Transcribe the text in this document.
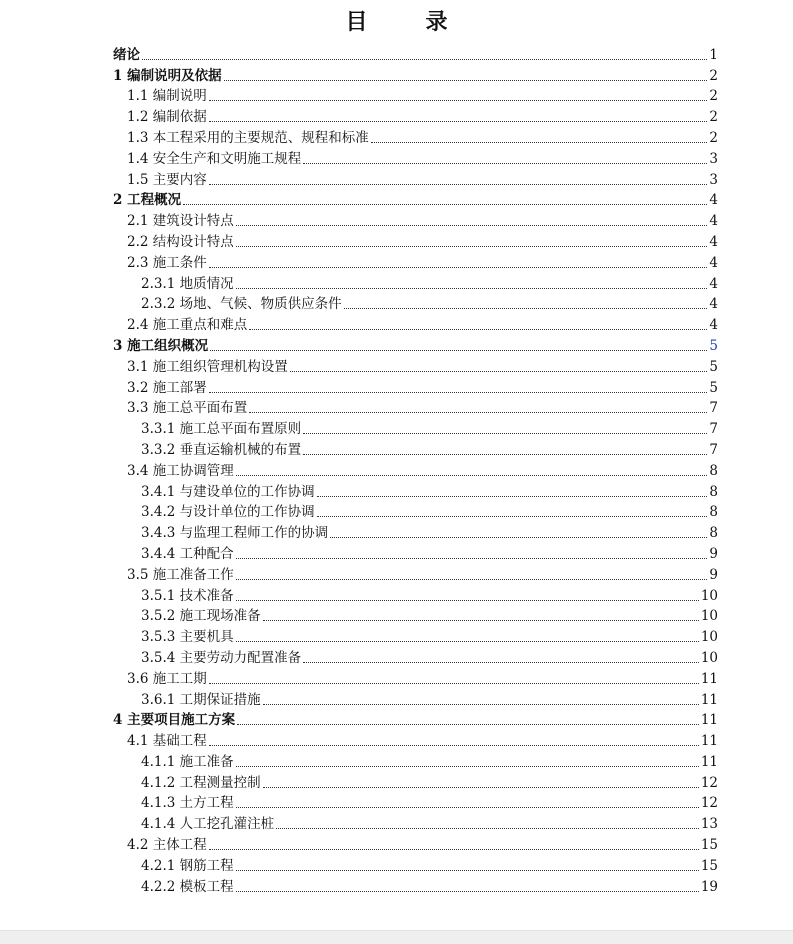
目　录
绪论	1
1 编制说明及依据	2
1.1 编制说明	2
1.2 编制依据	2
1.3 本工程采用的主要规范、规程和标准	2
1.4 安全生产和文明施工规程	3
1.5 主要内容	3
2 工程概况	4
2.1 建筑设计特点	4
2.2 结构设计特点	4
2.3 施工条件	4
2.3.1 地质情况	4
2.3.2 场地、气候、物质供应条件	4
2.4 施工重点和难点	4
3 施工组织概况	5
3.1 施工组织管理机构设置	5
3.2 施工部署	5
3.3 施工总平面布置	7
3.3.1 施工总平面布置原则	7
3.3.2 垂直运输机械的布置	7
3.4 施工协调管理	8
3.4.1 与建设单位的工作协调	8
3.4.2 与设计单位的工作协调	8
3.4.3 与监理工程师工作的协调	8
3.4.4 工种配合	9
3.5 施工准备工作	9
3.5.1 技术准备	10
3.5.2 施工现场准备	10
3.5.3 主要机具	10
3.5.4 主要劳动力配置准备	10
3.6 施工工期	11
3.6.1 工期保证措施	11
4 主要项目施工方案	11
4.1 基础工程	11
4.1.1 施工准备	11
4.1.2 工程测量控制	12
4.1.3 土方工程	12
4.1.4 人工挖孔灌注桩	13
4.2 主体工程	15
4.2.1 钢筋工程	15
4.2.2 模板工程	19
